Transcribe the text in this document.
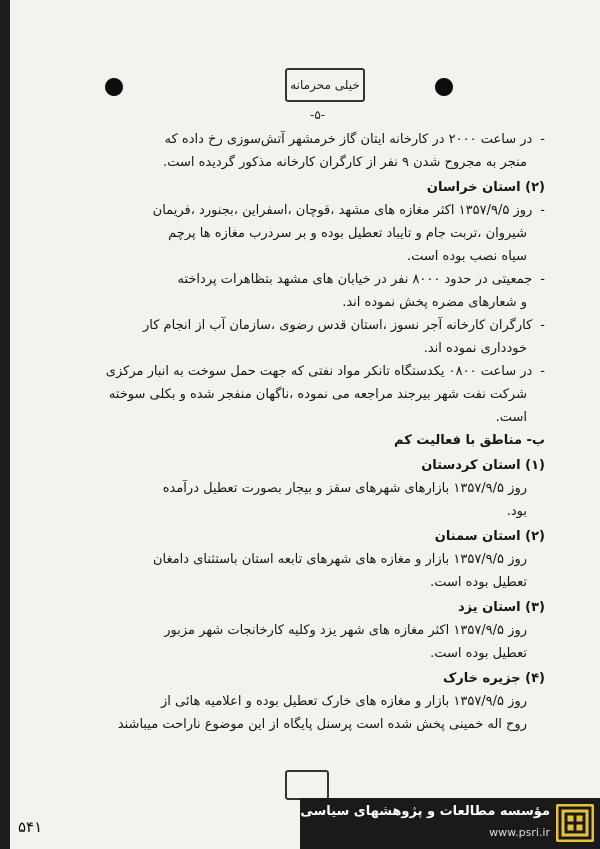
خیلی محرمانه
-۵-
-در ساعت ۲۰۰۰ در کارخانه ایتان گاز خرمشهر آتش‌سوزی رخ داده که
منجر به مجروح شدن ۹ نفر از کارگران کارخانه مذکور گردیده است.
(۲) استان خراسان
-روز ۱۳۵۷/۹/۵ اکثر مغازه های مشهد ،قوچان ،اسفراین ،بجنورد ،فریمان
شیروان ،تربت جام و تایباد تعطیل بوده و بر سردرب مغازه ها پرچم
سیاه نصب بوده است.
-جمعیتی در حدود ۸۰۰۰ نفر در خیابان های مشهد بتظاهرات پرداخته
و شعارهای مضره پخش نموده اند.
-کارگران کارخانه آجر نسوز ،استان قدس رضوی ،سازمان آب از انجام کار
خودداری نموده اند.
-در ساعت ۰۸۰۰ یکدستگاه تانکر مواد نفتی که جهت حمل سوخت به انبار مرکزی
شرکت نفت شهر بیرجند مراجعه می نموده ،ناگهان منفجر شده و بکلی سوخته
است.
ب- مناطق با فعالیت کم
(۱) استان کردستان
روز ۱۳۵۷/۹/۵ بازارهای شهرهای سقز و بیجار بصورت تعطیل درآمده
بود.
(۲) استان سمنان
روز ۱۳۵۷/۹/۵ بازار و مغازه های شهرهای تابعه استان باستثنای دامغان
تعطیل بوده است.
(۳) استان یزد
روز ۱۳۵۷/۹/۵ اکثر مغازه های شهر یزد وکلیه کارخانجات شهر مزبور
تعطیل بوده است.
(۴) جزیره خارک
روز ۱۳۵۷/۹/۵ بازار و مغازه های خارک تعطیل بوده و اعلامیه هائی از
روح اله خمینی پخش شده است پرسنل پایگاه از این موضوع ناراحت میباشند
۵۴۱
مؤسسه مطالعات و پژوهشهای سیاسی
www.psri.ir
